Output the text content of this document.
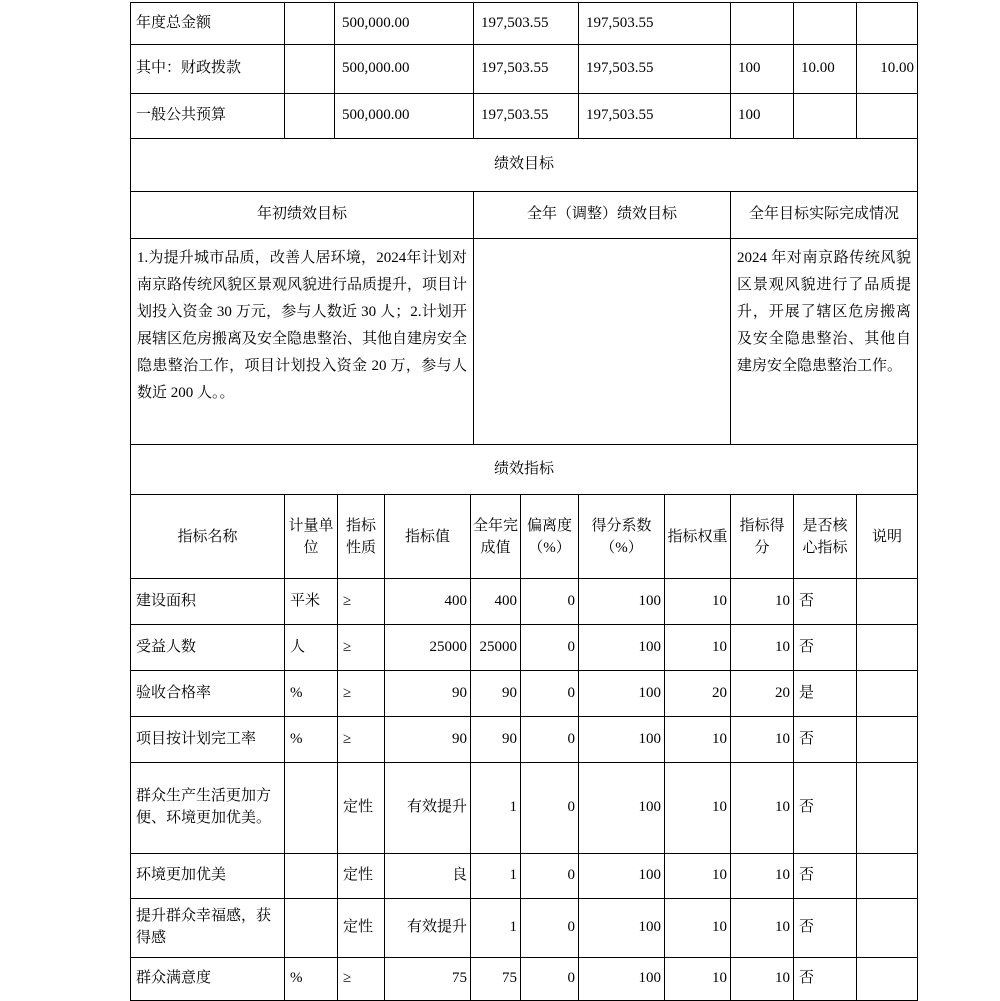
年度总金额		500,000.00	197,503.55	197,503.55			
其中：财政拨款		500,000.00	197,503.55	197,503.55	100	10.00	10.00
一般公共预算		500,000.00	197,503.55	197,503.55	100		
绩效目标		
年初绩效目标	全年（调整）绩效目标	全年目标实际完成情况
1.为提升城市品质，改善人居环境，2024年计划对南京路传统风貌区景观风貌进行品质提升，项目计划投入资金 30 万元，参与人数近 30 人；2.计划开展辖区危房搬离及安全隐患整治、其他自建房安全隐患整治工作，项目计划投入资金 20 万，参与人数近 200 人。。		2024 年对南京路传统风貌区景观风貌进行了品质提升，开展了辖区危房搬离及安全隐患整治、其他自建房安全隐患整治工作。
绩效指标										
指标名称	计量单位	指标性质	指标值	全年完成值	偏离度（%）	得分系数（%）	指标权重	指标得分	是否核心指标	说明
建设面积	平米	≥	400	400	0	100	10	10	否	
受益人数	人	≥	25000	25000	0	100	10	10	否	
验收合格率	%	≥	90	90	0	100	20	20	是	
项目按计划完工率	%	≥	90	90	0	100	10	10	否	
群众生产生活更加方便、环境更加优美。		定性	有效提升	1	0	100	10	10	否	
环境更加优美		定性	良	1	0	100	10	10	否	
提升群众幸福感，获得感		定性	有效提升	1	0	100	10	10	否	
群众满意度	%	≥	75	75	0	100	10	10	否	
